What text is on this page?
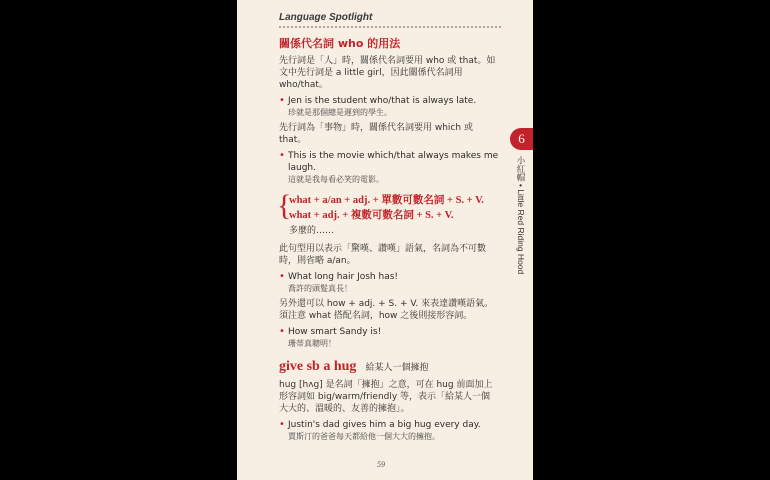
Language Spotlight
關係代名詞 who 的用法
先行詞是「人」時，關係代名詞要用 who 或 that。如文中先行詞是 a little girl，因此關係代名詞用 who/that。
• Jen is the student who/that is always late.
珍就是那個總是遲到的學生。
先行詞為「事物」時，關係代名詞要用 which 或 that。
• This is the movie which/that always makes me laugh.
這就是我每看必笑的電影。
{
what + a/an + adj. + 單數可數名詞 + S. + V.
what + adj. + 複數可數名詞 + S. + V.
多麼的……
此句型用以表示「驚嘆、讚嘆」語氣，名詞為不可數時，則省略 a/an。
• What long hair Josh has!
喬許的頭髮真長！
另外還可以 how + adj. + S. + V. 來表達讚嘆語氣。須注意 what 搭配名詞，how 之後則接形容詞。
• How smart Sandy is!
珊蒂真聰明！
give sb a hug 給某人一個擁抱
hug [hʌg] 是名詞「擁抱」之意，可在 hug 前面加上形容詞如 big/warm/friendly 等，表示「給某人一個大大的、溫暖的、友善的擁抱」。
• Justin's dad gives him a big hug every day.
賈斯汀的爸爸每天都給他一個大大的擁抱。
6
小紅帽 • Little Red Riding Hood
59
